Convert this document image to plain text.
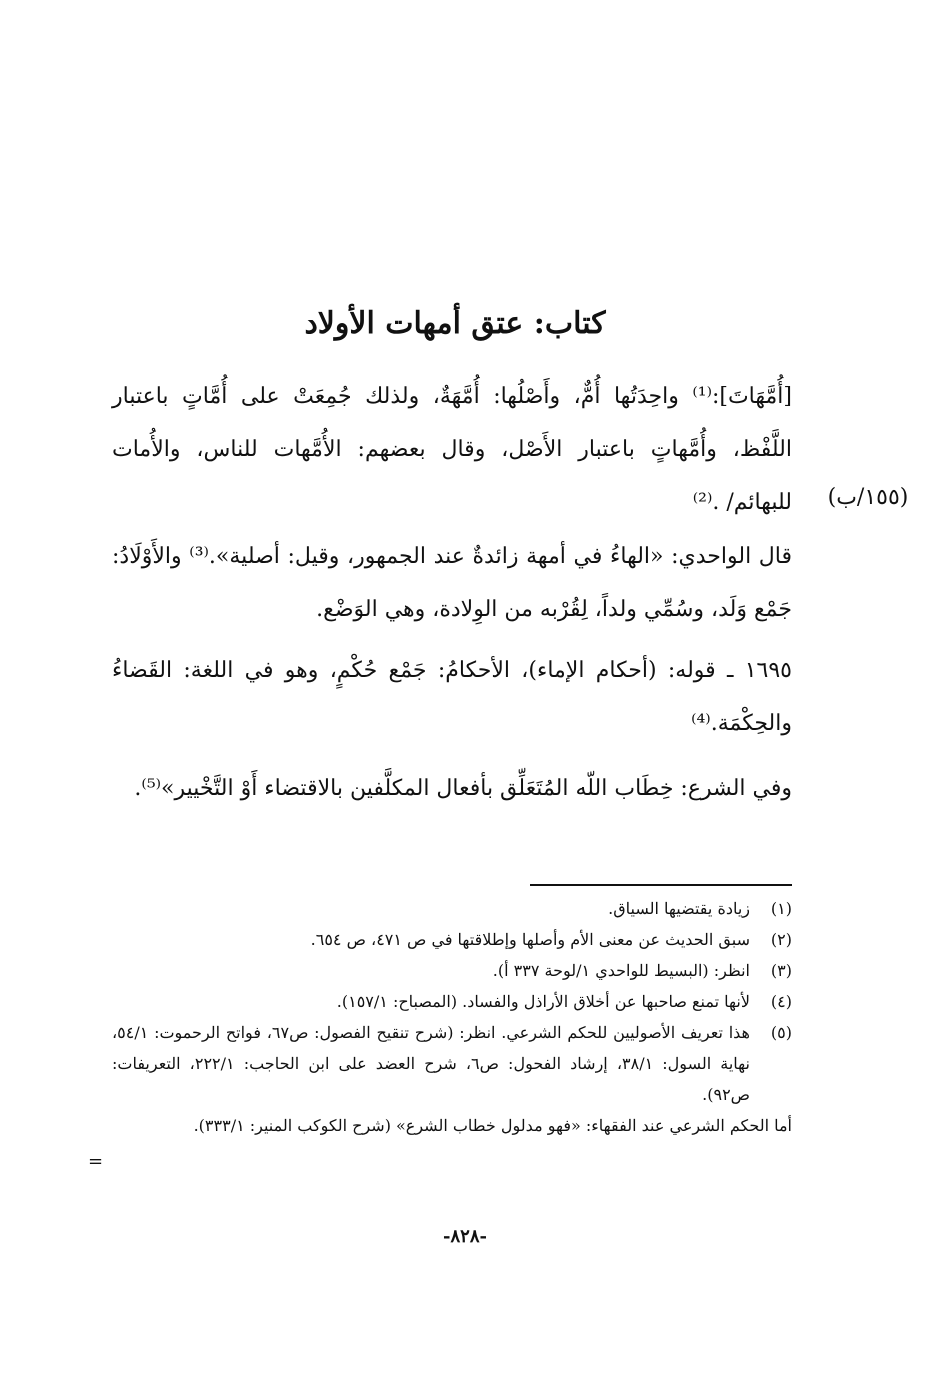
كتاب: عتق أمهات الأولاد
[أُمَّهَاتَ]:⁽¹⁾ واحِدَتُها أُمٌّ، وأَصْلُها: أُمَّهَةٌ، ولذلك جُمِعَتْ على أُمَّاتٍ باعتبار اللَّفْظ، وأُمَّهاتٍ باعتبار الأَصْل، وقال بعضهم: الأُمَّهات للناس، والأُمات للبهائم/ .⁽²⁾	(١٥٥/ب)
قال الواحدي: «الهاءُ في أمهة زائدةٌ عند الجمهور، وقيل: أصلية».⁽³⁾ والأَوْلَادُ: جَمْع وَلَد، وسُمِّي ولداً، لِقُرْبه من الوِلادة، وهي الوَضْع.
١٦٩٥ ـ قوله: (أحكام الإماء)، الأحكامُ: جَمْع حُكْمٍ، وهو في اللغة: القَضاءُ والحِكْمَة.⁽⁴⁾
وفي الشرع: خِطَاب اللّه المُتَعَلِّق بأفعال المكلَّفين بالاقتضاء أَوْ التَّخْيير»⁽⁵⁾.
(١)
زيادة يقتضيها السياق.
(٢)
سبق الحديث عن معنى الأم وأصلها وإطلاقتها في ص ٤٧١، ص ٦٥٤.
(٣)
انظر: (البسيط للواحدي ١/لوحة ٣٣٧ أ).
(٤)
لأنها تمنع صاحبها عن أخلاق الأراذل والفساد. (المصباح: ١٥٧/١).
(٥)
هذا تعريف الأصوليين للحكم الشرعي. انظر: (شرح تنقيح الفصول: ص٦٧، فواتح الرحموت: ٥٤/١، نهاية السول: ٣٨/١، إرشاد الفحول: ص٦، شرح العضد على ابن الحاجب: ٢٢٢/١، التعريفات: ص٩٢).
أما الحكم الشرعي عند الفقهاء: «فهو مدلول خطاب الشرع» (شرح الكوكب المنير: ٣٣٣/١).
=
-٨٢٨-
